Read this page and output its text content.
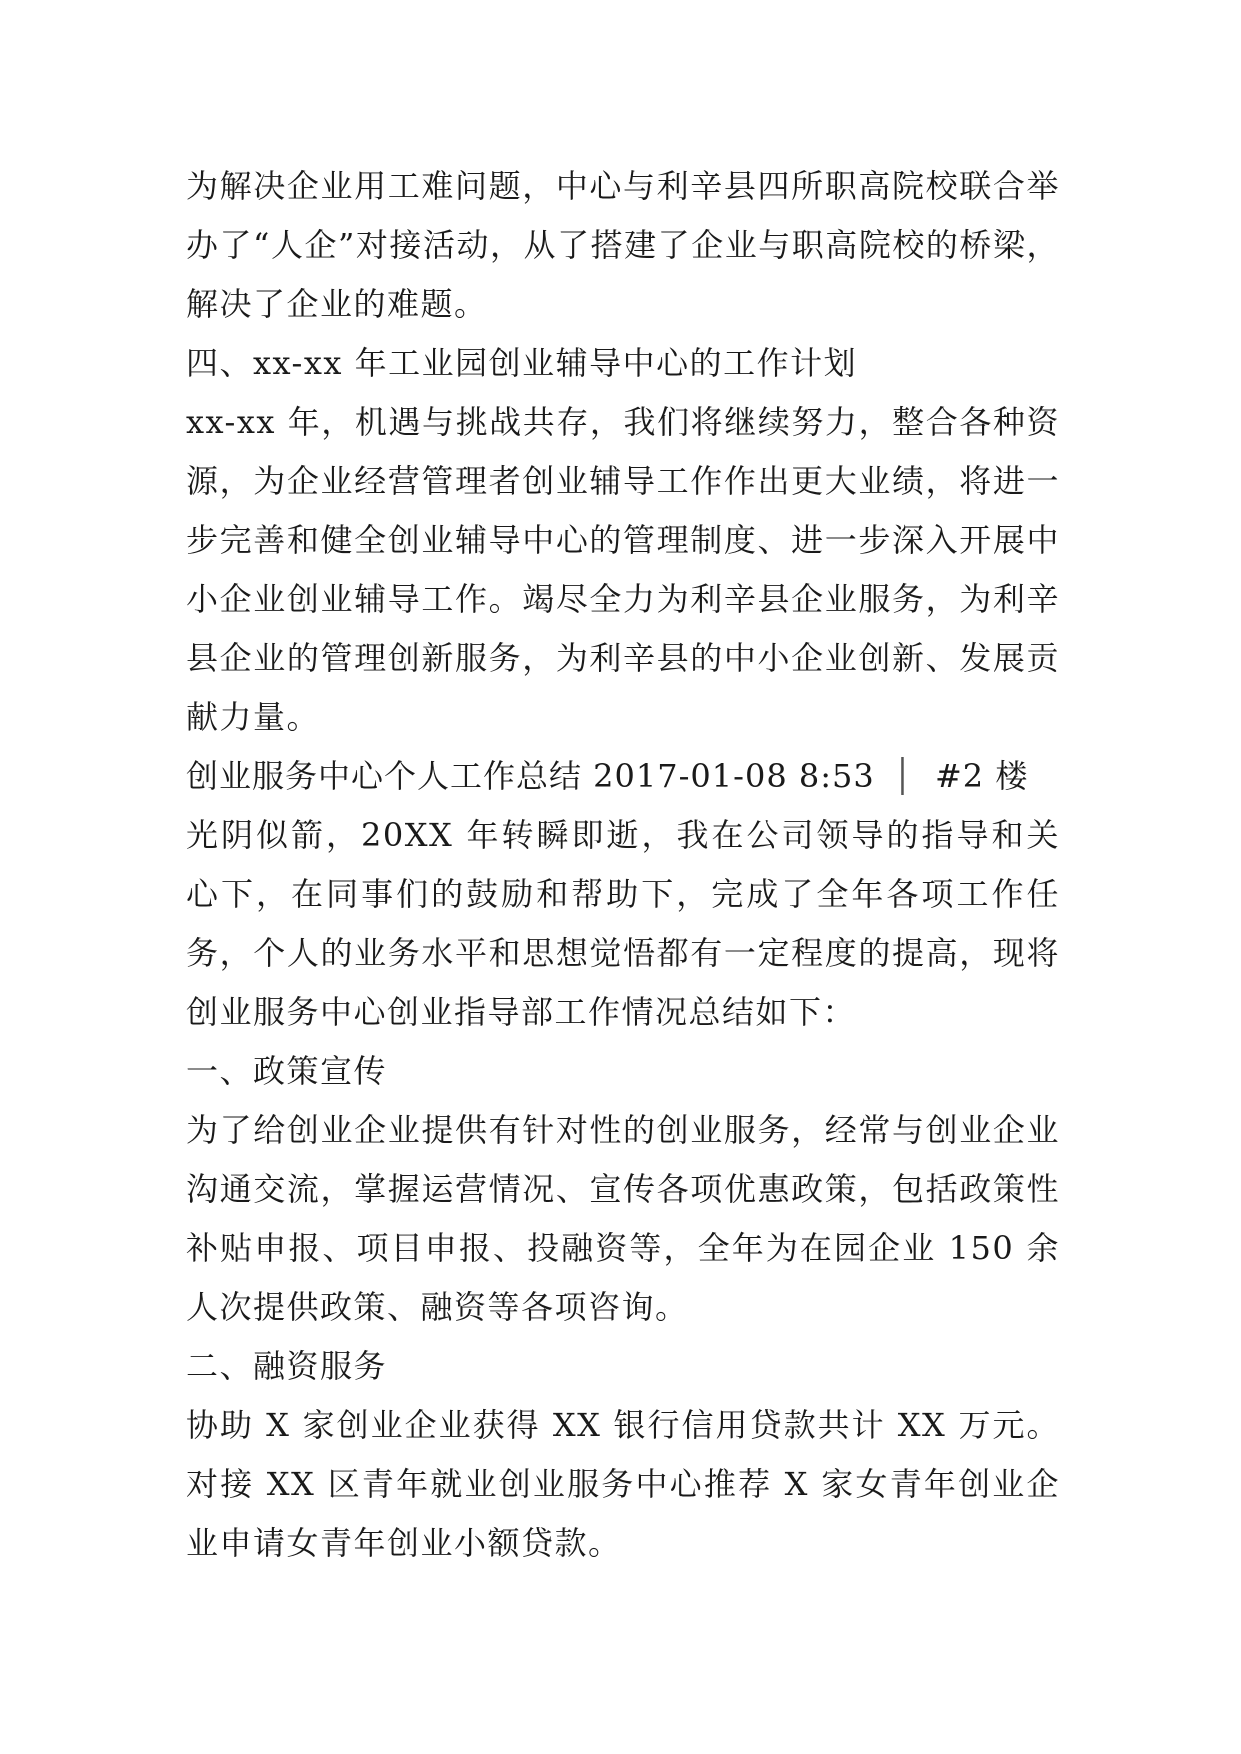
为解决企业用工难问题，中心与利辛县四所职高院校联合举办了“人企”对接活动，从了搭建了企业与职高院校的桥梁，解决了企业的难题。

四、xx-xx 年工业园创业辅导中心的工作计划

xx-xx 年，机遇与挑战共存，我们将继续努力，整合各种资源，为企业经营管理者创业辅导工作作出更大业绩，将进一步完善和健全创业辅导中心的管理制度、进一步深入开展中小企业创业辅导工作。竭尽全力为利辛县企业服务，为利辛县企业的管理创新服务，为利辛县的中小企业创新、发展贡献力量。

创业服务中心个人工作总结 2017-01-08 8:53 │ #2 楼

光阴似箭，20XX 年转瞬即逝，我在公司领导的指导和关心下，在同事们的鼓励和帮助下，完成了全年各项工作任务，个人的业务水平和思想觉悟都有一定程度的提高，现将创业服务中心创业指导部工作情况总结如下：

一、政策宣传

为了给创业企业提供有针对性的创业服务，经常与创业企业沟通交流，掌握运营情况、宣传各项优惠政策，包括政策性补贴申报、项目申报、投融资等，全年为在园企业 150 余人次提供政策、融资等各项咨询。

二、融资服务

协助 X 家创业企业获得 XX 银行信用贷款共计 XX 万元。 对接 XX 区青年就业创业服务中心推荐 X 家女青年创业企业申请女青年创业小额贷款。
